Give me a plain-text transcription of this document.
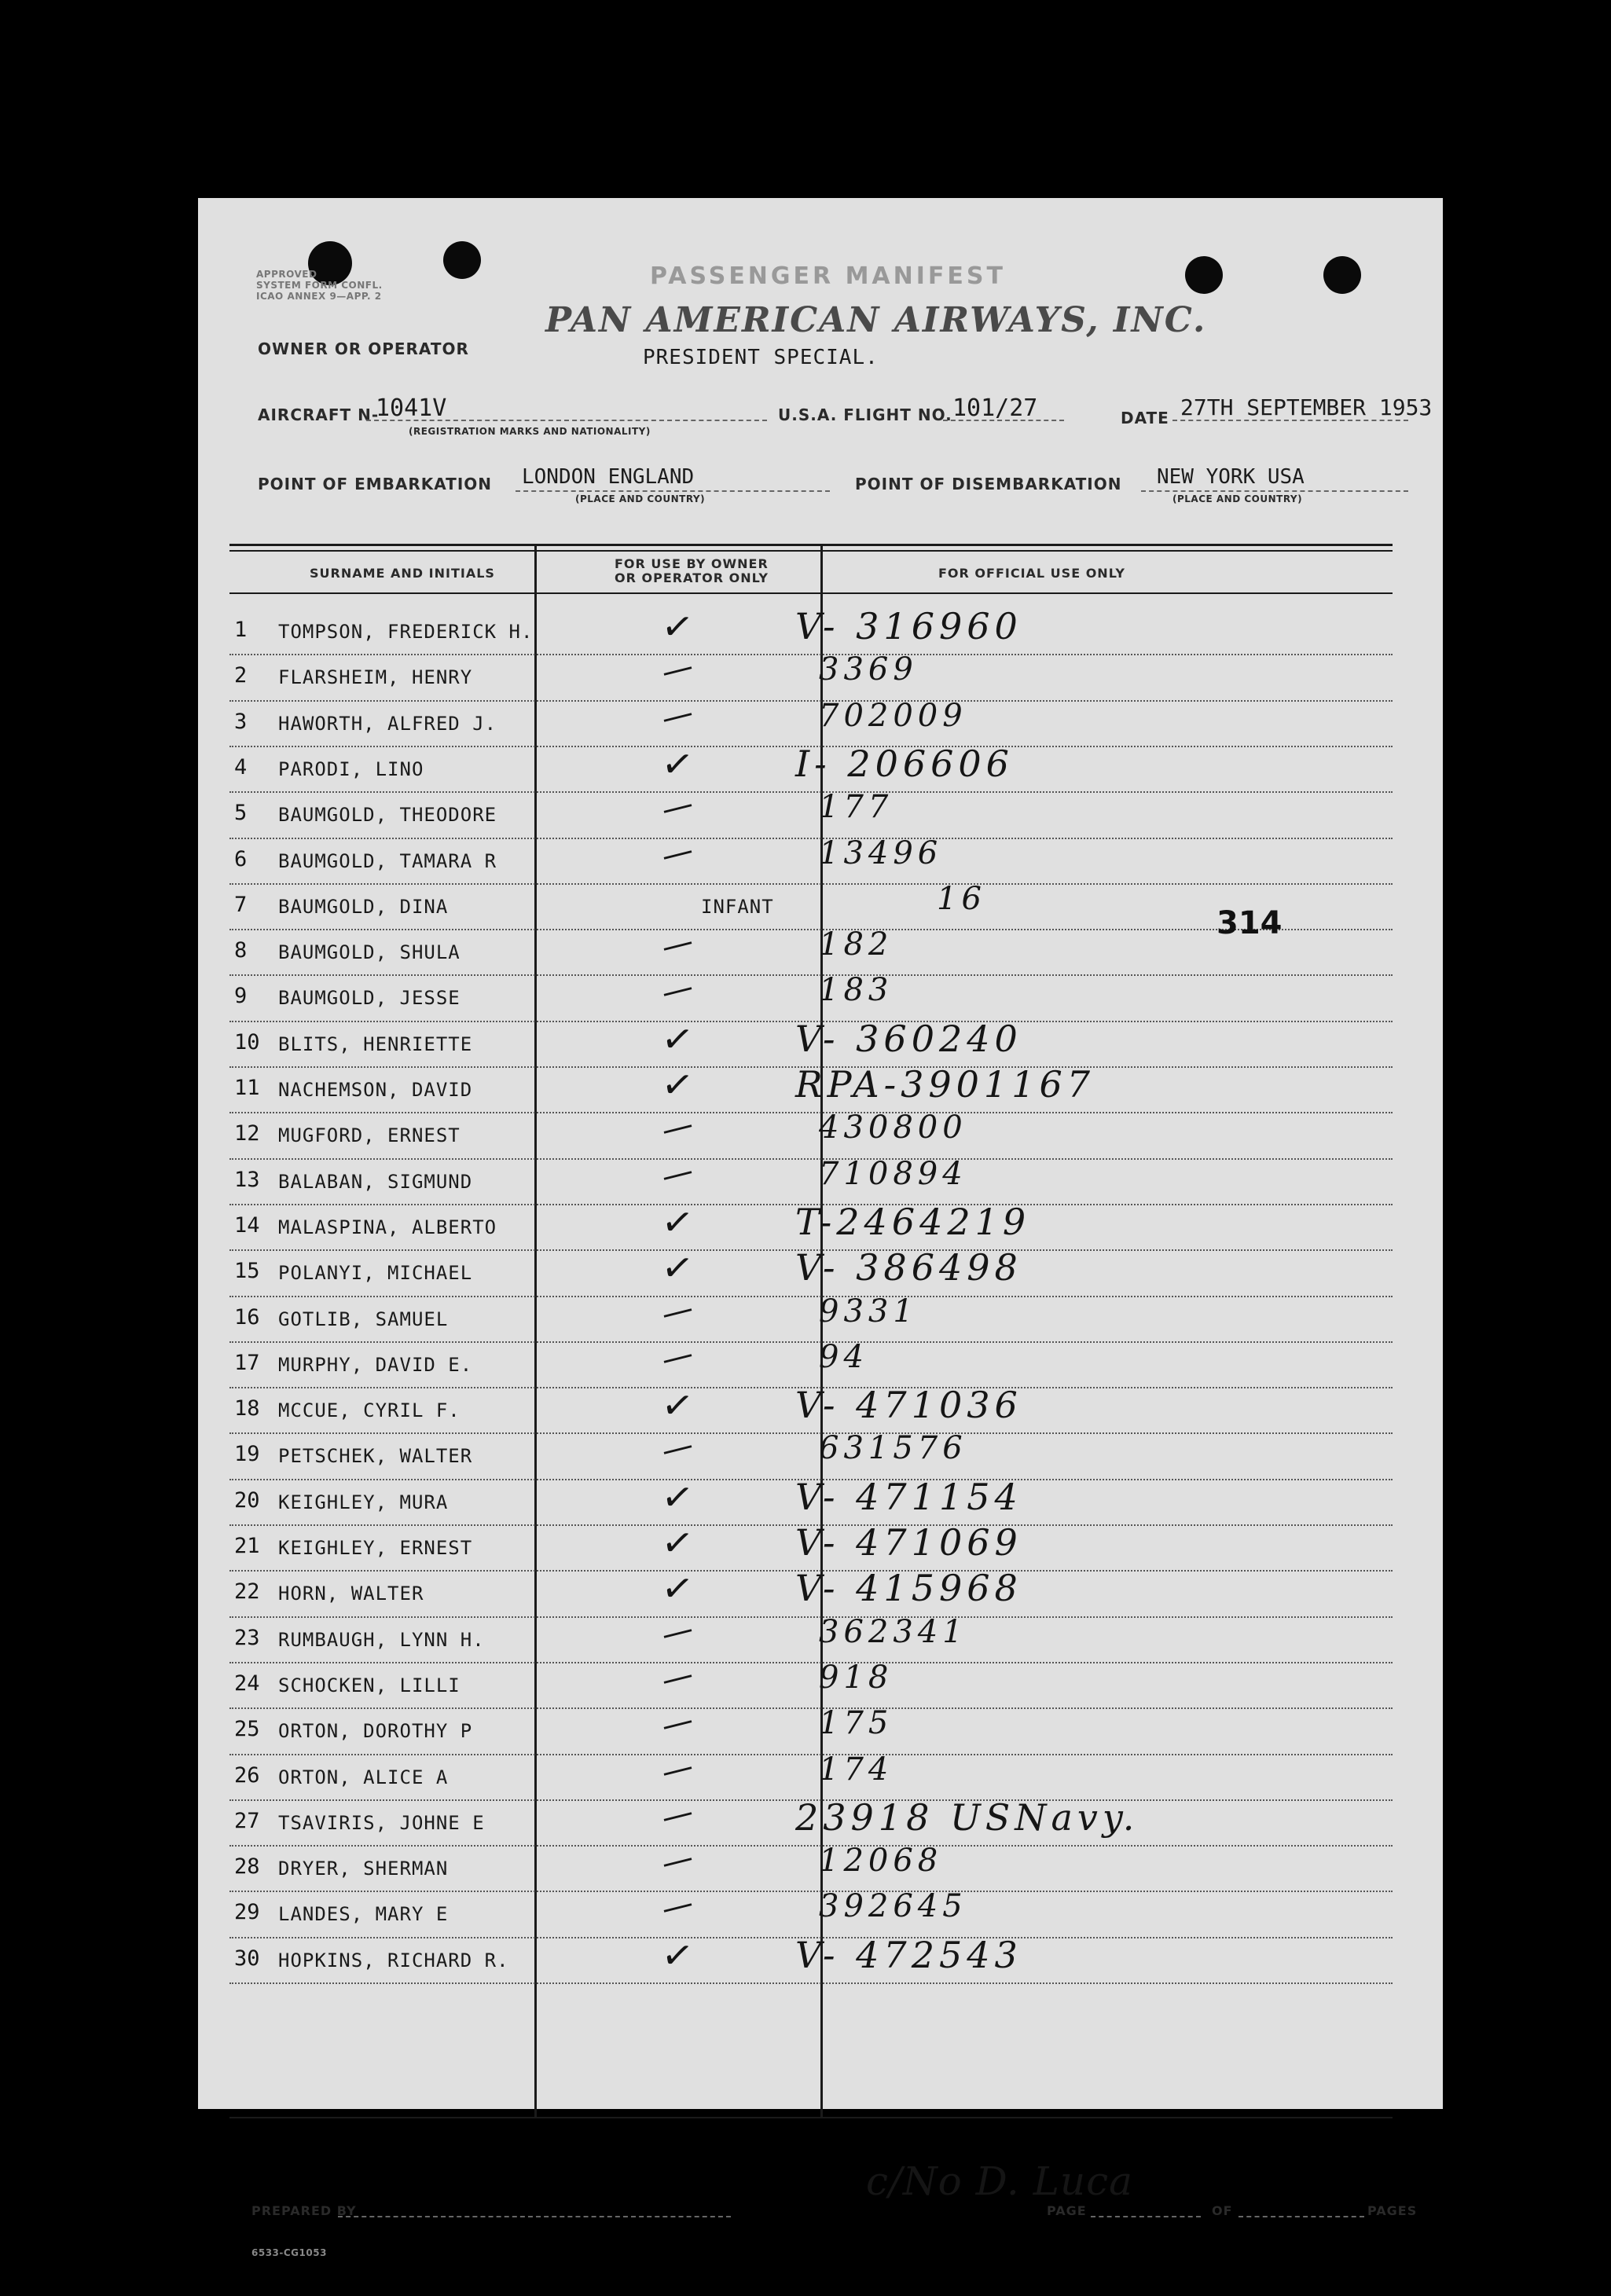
APPROVED
SYSTEM FORM CONFL.
ICAO ANNEX 9—APP. 2
PASSENGER MANIFEST
PAN AMERICAN AIRWAYS, INC.
OWNER OR OPERATOR	PRESIDENT SPECIAL.
AIRCRAFT N-
1041V
(REGISTRATION MARKS AND NATIONALITY)
U.S.A. FLIGHT NO. 101/27	DATE 27TH SEPTEMBER 1953
POINT OF EMBARKATION LONDON ENGLAND
(PLACE AND COUNTRY)
POINT OF DISEMBARKATION NEW YORK USA
(PLACE AND COUNTRY)
SURNAME AND INITIALS
FOR USE BY OWNER
OR OPERATOR ONLY	FOR OFFICIAL USE ONLY
1 TOMPSON, FREDERICK H.	✓	V- 316960
2 FLARSHEIM, HENRY	—	3369
3 HAWORTH, ALFRED J.	—	702009
4 PARODI, LINO	✓	I- 206606
5 BAUMGOLD, THEODORE	—	177
6 BAUMGOLD, TAMARA R	—	13496
7 BAUMGOLD, DINA	INFANT	16
8 BAUMGOLD, SHULA	—	182
9 BAUMGOLD, JESSE	—	183
10 BLITS, HENRIETTE	✓	V- 360240
11 NACHEMSON, DAVID	✓	RPA-3901167
12 MUGFORD, ERNEST	—	430800
13 BALABAN, SIGMUND	—	710894
14 MALASPINA, ALBERTO	✓	T-2464219
15 POLANYI, MICHAEL	✓	V- 386498
16 GOTLIB, SAMUEL	—	9331
17 MURPHY, DAVID E.	—	94
18 MCCUE, CYRIL F.	✓	V- 471036
19 PETSCHEK, WALTER	—	631576
20 KEIGHLEY, MURA	✓	V- 471154
21 KEIGHLEY, ERNEST	✓	V- 471069
22 HORN, WALTER	✓	V- 415968
23 RUMBAUGH, LYNN H.	—	362341
24 SCHOCKEN, LILLI	—	918
25 ORTON, DOROTHY P	—	175
26 ORTON, ALICE A	—	174
27 TSAVIRIS, JOHNE E	—	23918 USNavy.
28 DRYER, SHERMAN	—	12068
29 LANDES, MARY E	—	392645
30 HOPKINS, RICHARD R.	✓	V- 472543
314
PREPARED BY
c/No D. Luca
PAGE	OF	PAGES
6533-CG1053
